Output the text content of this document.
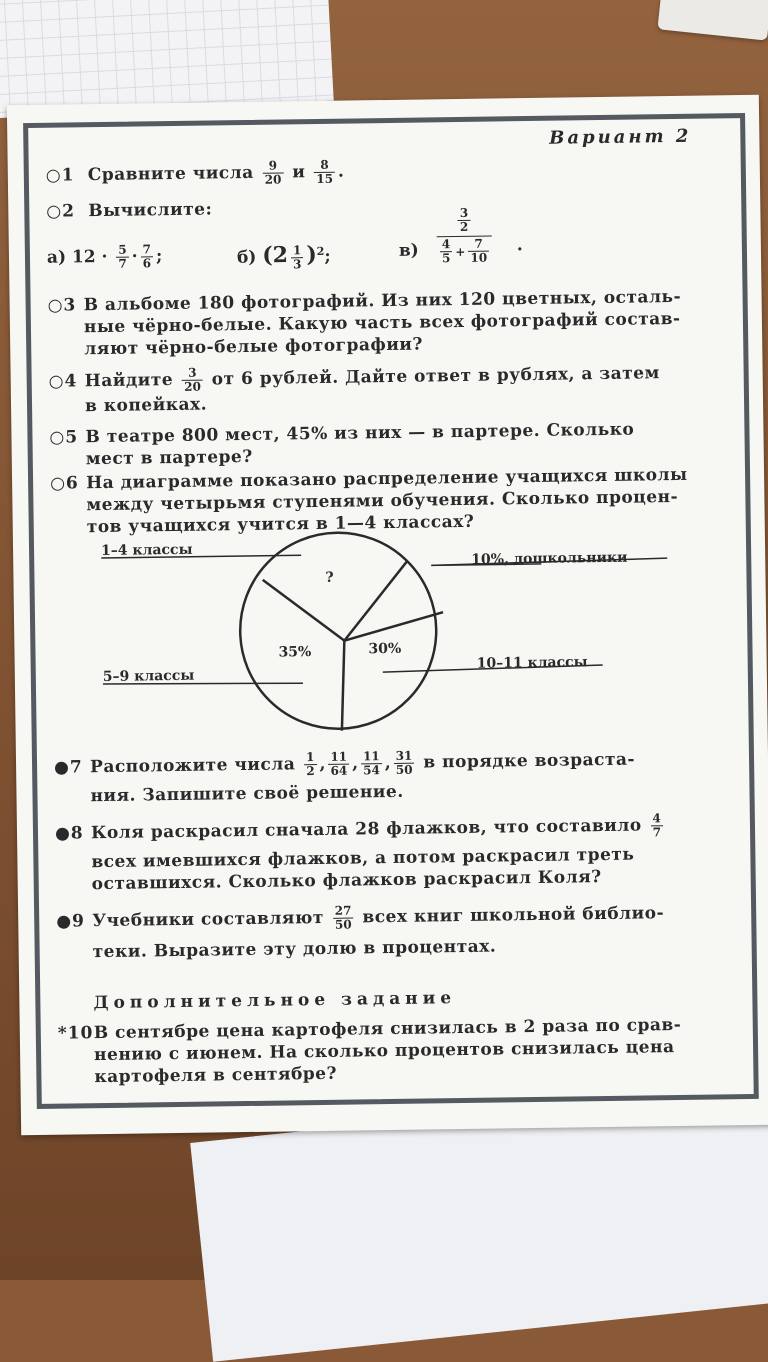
Вариант 2
○1 Сравните числа $\frac{9}{20}$ и $\frac{8}{15}$ .
○2 Вычислите:
а) $12 \cdot \frac{5}{7} \cdot \frac{7}{6}$ ;	б) $(2 \frac{1}{3} )^2$;	в)
$\frac{3}{2}$
$\frac{4}{5} + \frac{7}{10}$ .
○3 В альбоме 180 фотографий. Из них 120 цветных, осталь-
ные чёрно-белые. Какую часть всех фотографий состав-
ляют чёрно-белые фотографии?
○4 Найдите $\frac{3}{20}$ от 6 рублей. Дайте ответ в рублях, а затем
в копейках.
○5 В театре 800 мест, 45% из них — в партере. Сколько
мест в партере?
○6 На диаграмме показано распределение учащихся школы
между четырьмя ступенями обучения. Сколько процен-
тов учащихся учится в 1—4 классах?
1–4 классы
?
10%, дошкольники
10–11 классы
30%
5–9 классы
35%
●7 Расположите числа $\frac{1}{2}$ , $\frac{11}{64}$ , $\frac{11}{54}$ , $\frac{31}{50}$ в порядке возраста-
ния. Запишите своё решение.
●8 Коля раскрасил сначала 28 флажков, что составило $\frac{4}{7}$
всех имевшихся флажков, а потом раскрасил треть
оставшихся. Сколько флажков раскрасил Коля?
●9 Учебники составляют $\frac{27}{50}$ всех книг школьной библио-
теки. Выразите эту долю в процентах.
Дополнительное задание
*10В сентябре цена картофеля снизилась в 2 раза по срав-
нению с июнем. На сколько процентов снизилась цена
картофеля в сентябре?
